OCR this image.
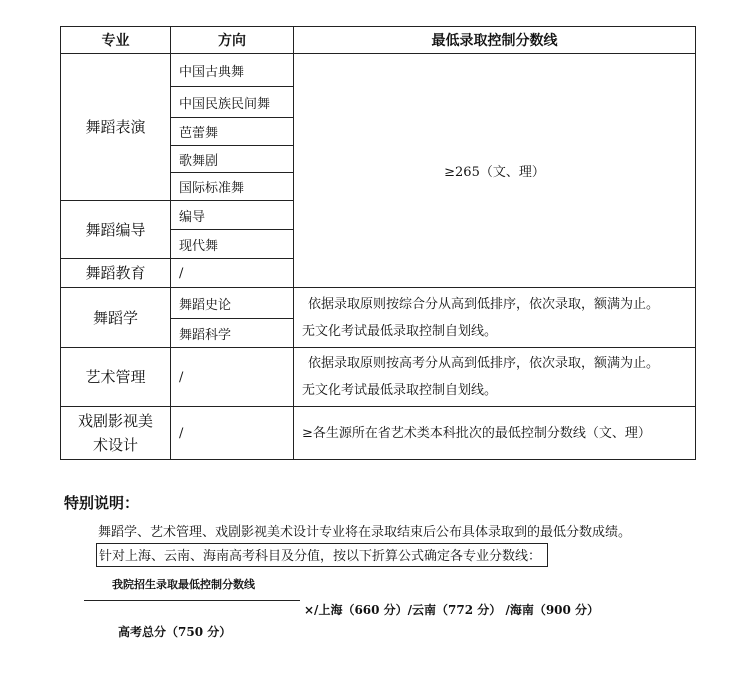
专业	方向	最低录取控制分数线
舞蹈表演	中国古典舞	≥265（文、理）
	中国民族民间舞	
	芭蕾舞	
	歌舞剧	
	国际标准舞	
舞蹈编导	编导	
	现代舞	
舞蹈教育	/	
舞蹈学	舞蹈史论	依据录取原则按综合分从高到低排序，依次录取，额满为止。
无文化考试最低录取控制自划线。

	舞蹈科学	
艺术管理	/	依据录取原则按高考分从高到低排序，依次录取，额满为止。
无文化考试最低录取控制自划线。

戏剧影视美
术设计	/	≥各生源所在省艺术类本科批次的最低控制分数线（文、理）
特别说明：
舞蹈学、艺术管理、戏剧影视美术设计专业将在录取结束后公布具体录取到的最低分数成绩。
针对上海、云南、海南高考科目及分值，按以下折算公式确定各专业分数线：
我院招生录取最低控制分数线
×/上海（660 分）/云南（772 分） /海南（900 分）
高考总分（750 分）
